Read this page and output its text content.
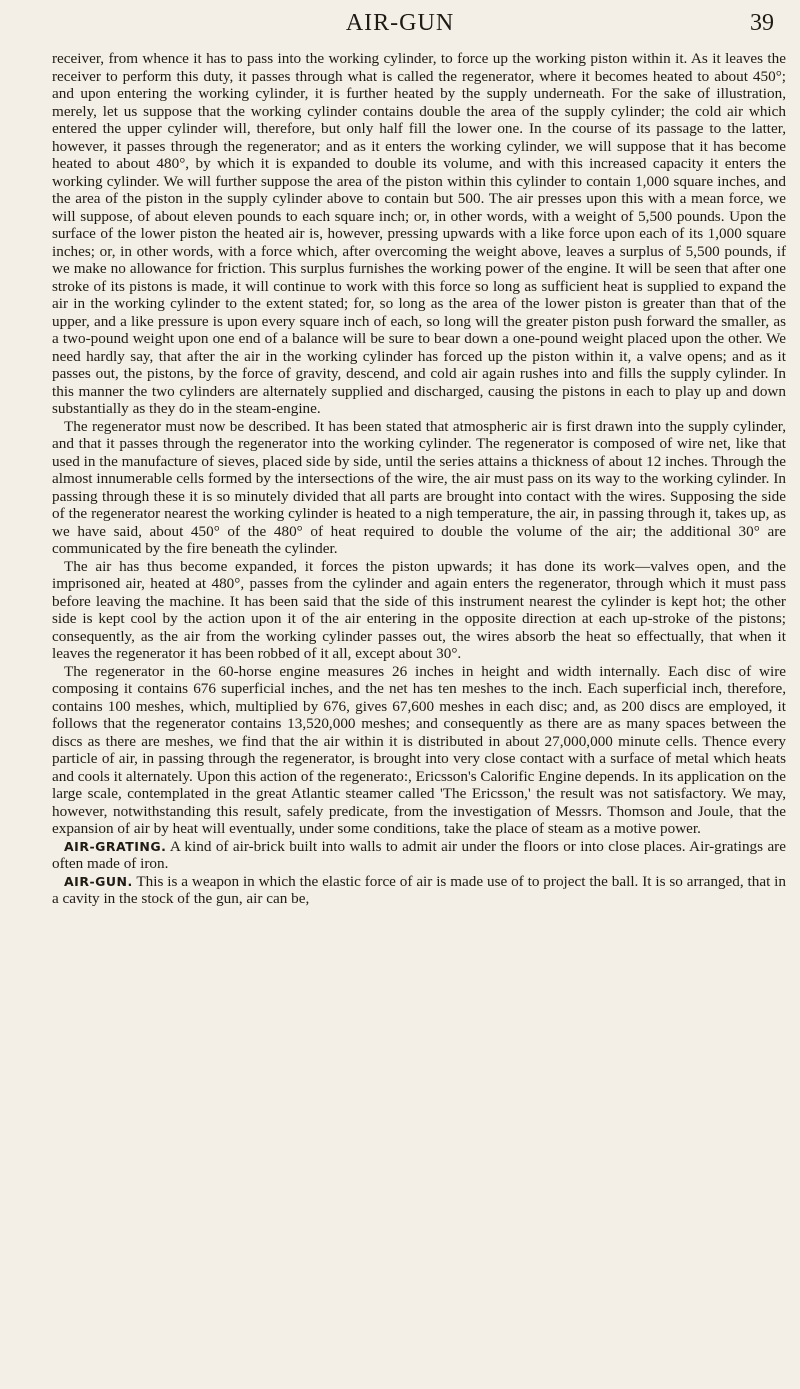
AIR-GUN	39

receiver, from whence it has to pass into the working cylinder, to force up the working piston within it. As it leaves the receiver to perform this duty, it passes through what is called the regenerator, where it becomes heated to about 450°; and upon entering the working cylinder, it is further heated by the supply underneath. For the sake of illustration, merely, let us suppose that the working cylinder contains double the area of the supply cylinder; the cold air which entered the upper cylinder will, therefore, but only half fill the lower one. In the course of its passage to the latter, however, it passes through the regenerator; and as it enters the working cylinder, we will suppose that it has become heated to about 480°, by which it is expanded to double its volume, and with this increased capacity it enters the working cylinder. We will further suppose the area of the piston within this cylinder to contain 1,000 square inches, and the area of the piston in the supply cylinder above to contain but 500. The air presses upon this with a mean force, we will suppose, of about eleven pounds to each square inch; or, in other words, with a weight of 5,500 pounds. Upon the surface of the lower piston the heated air is, however, pressing upwards with a like force upon each of its 1,000 square inches; or, in other words, with a force which, after overcoming the weight above, leaves a surplus of 5,500 pounds, if we make no allowance for friction. This surplus furnishes the working power of the engine. It will be seen that after one stroke of its pistons is made, it will continue to work with this force so long as sufficient heat is supplied to expand the air in the working cylinder to the extent stated; for, so long as the area of the lower piston is greater than that of the upper, and a like pressure is upon every square inch of each, so long will the greater piston push forward the smaller, as a two-pound weight upon one end of a balance will be sure to bear down a one-pound weight placed upon the other. We need hardly say, that after the air in the working cylinder has forced up the piston within it, a valve opens; and as it passes out, the pistons, by the force of gravity, descend, and cold air again rushes into and fills the supply cylinder. In this manner the two cylinders are alternately supplied and discharged, causing the pistons in each to play up and down substantially as they do in the steam-engine.

The regenerator must now be described. It has been stated that atmospheric air is first drawn into the supply cylinder, and that it passes through the regenerator into the working cylinder. The regenerator is composed of wire net, like that used in the manufacture of sieves, placed side by side, until the series attains a thickness of about 12 inches. Through the almost innumerable cells formed by the intersections of the wire, the air must pass on its way to the working cylinder. In passing through these it is so minutely divided that all parts are brought into contact with the wires. Supposing the side of the regenerator nearest the working cylinder is heated to a nigh temperature, the air, in passing through it, takes up, as we have said, about 450° of the 480° of heat required to double the volume of the air; the additional 30° are communicated by the fire beneath the cylinder.

The air has thus become expanded, it forces the piston upwards; it has done its work—valves open, and the imprisoned air, heated at 480°, passes from the cylinder and again enters the regenerator, through which it must pass before leaving the machine. It has been said that the side of this instrument nearest the cylinder is kept hot; the other side is kept cool by the action upon it of the air entering in the opposite direction at each up-stroke of the pistons; consequently, as the air from the working cylinder passes out, the wires absorb the heat so effectually, that when it leaves the regenerator it has been robbed of it all, except about 30°.

The regenerator in the 60-horse engine measures 26 inches in height and width internally. Each disc of wire composing it contains 676 superficial inches, and the net has ten meshes to the inch. Each superficial inch, therefore, contains 100 meshes, which, multiplied by 676, gives 67,600 meshes in each disc; and, as 200 discs are employed, it follows that the regenerator contains 13,520,000 meshes; and consequently as there are as many spaces between the discs as there are meshes, we find that the air within it is distributed in about 27,000,000 minute cells. Thence every particle of air, in passing through the regenerator, is brought into very close contact with a surface of metal which heats and cools it alternately. Upon this action of the regenerato:, Ericsson's Calorific Engine depends. In its application on the large scale, contemplated in the great Atlantic steamer called 'The Ericsson,' the result was not satisfactory. We may, however, notwithstanding this result, safely predicate, from the investigation of Messrs. Thomson and Joule, that the expansion of air by heat will eventually, under some conditions, take the place of steam as a motive power.

AIR-GRATING. A kind of air-brick built into walls to admit air under the floors or into close places. Air-gratings are often made of iron.

AIR-GUN. This is a weapon in which the elastic force of air is made use of to project the ball. It is so arranged, that in a cavity in the stock of the gun, air can be,
